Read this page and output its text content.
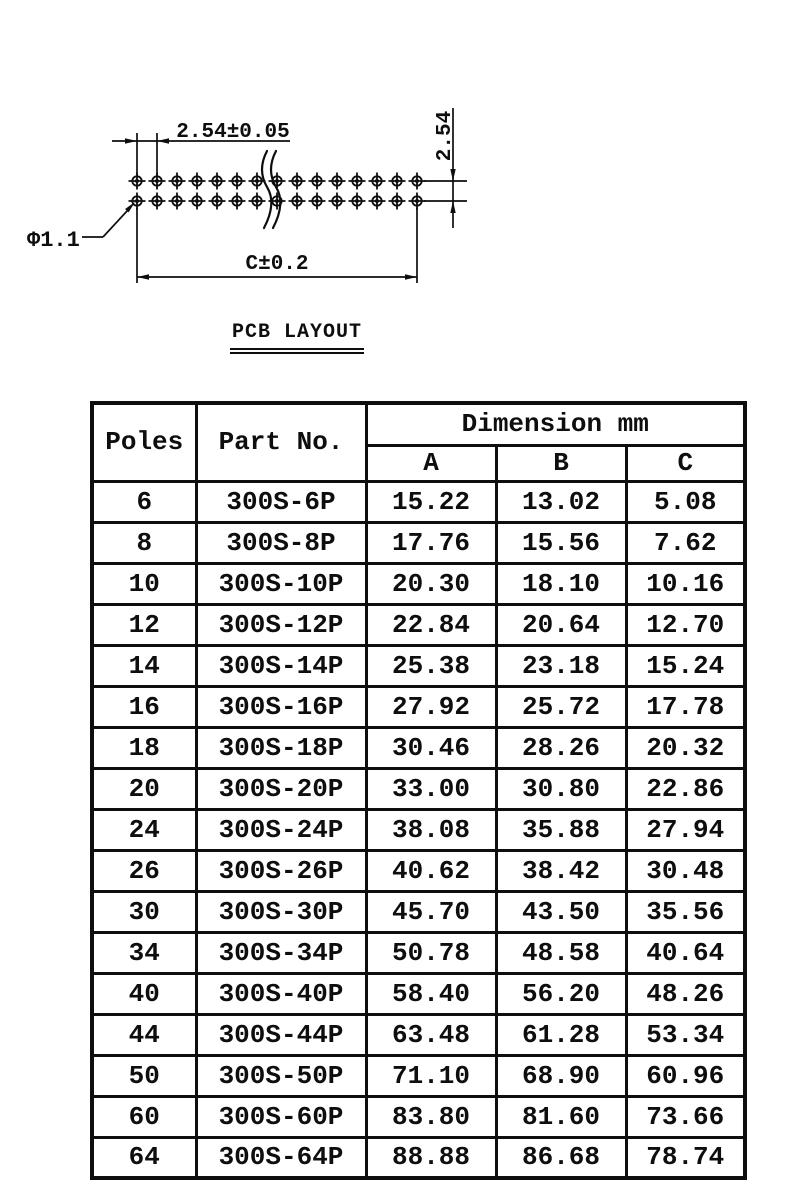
2.54±0.05	2.54
Φ1.1
C±0.2
PCB LAYOUT
Poles	Part No.	Dimension mm		
		A	B	C
6	300S-6P	15.22	13.02	5.08
8	300S-8P	17.76	15.56	7.62
10	300S-10P	20.30	18.10	10.16
12	300S-12P	22.84	20.64	12.70
14	300S-14P	25.38	23.18	15.24
16	300S-16P	27.92	25.72	17.78
18	300S-18P	30.46	28.26	20.32
20	300S-20P	33.00	30.80	22.86
24	300S-24P	38.08	35.88	27.94
26	300S-26P	40.62	38.42	30.48
30	300S-30P	45.70	43.50	35.56
34	300S-34P	50.78	48.58	40.64
40	300S-40P	58.40	56.20	48.26
44	300S-44P	63.48	61.28	53.34
50	300S-50P	71.10	68.90	60.96
60	300S-60P	83.80	81.60	73.66
64	300S-64P	88.88	86.68	78.74
